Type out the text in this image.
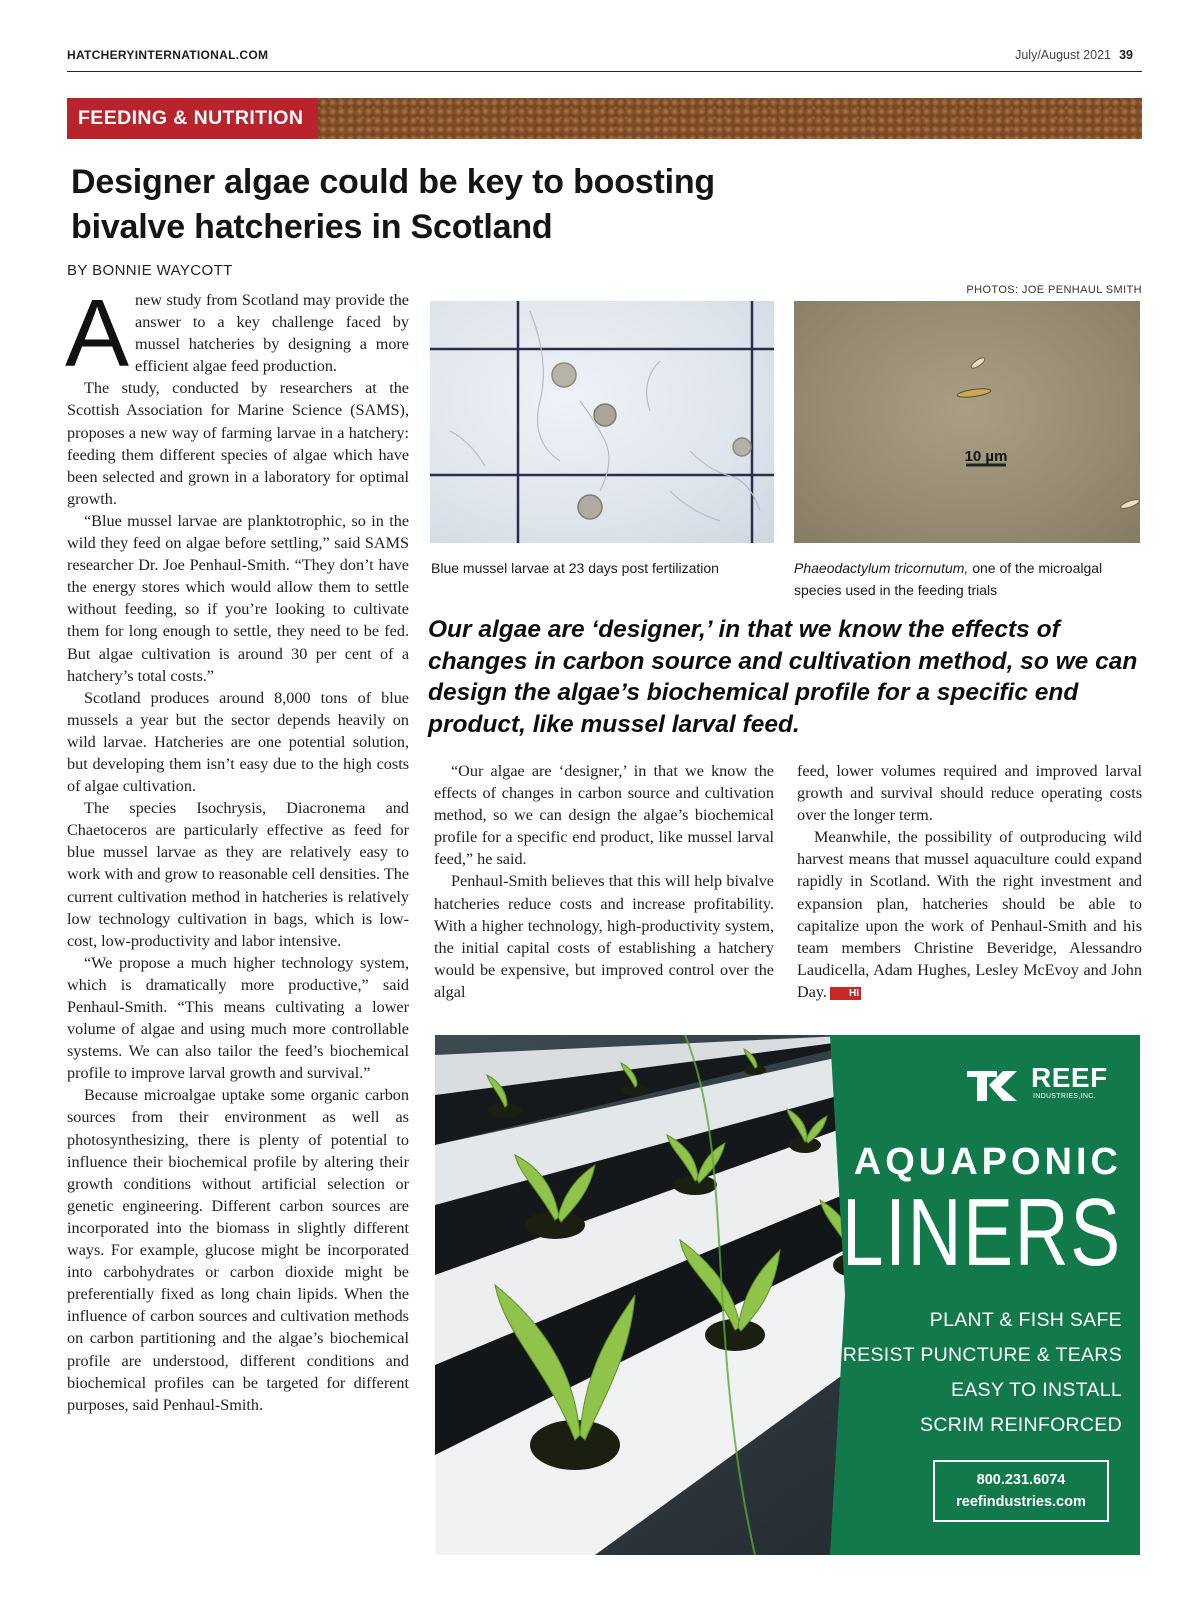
HATCHERYINTERNATIONAL.COM	July/August 2021 39
FEEDING & NUTRITION
Designer algae could be key to boosting
bivalve hatcheries in Scotland
BY BONNIE WAYCOTT
PHOTOS: JOE PENHAUL SMITH

Anew study from Scotland may provide the answer to a key challenge faced by mussel hatcheries by designing a more efficient algae feed production.

The study, conducted by researchers at the Scottish Association for Marine Science (SAMS), proposes a new way of farming larvae in a hatchery: feeding them different species of algae which have been selected and grown in a laboratory for optimal growth.

“Blue mussel larvae are planktotrophic, so in the wild they feed on algae before settling,” said SAMS researcher Dr. Joe Penhaul-Smith. “They don’t have the energy stores which would allow them to settle without feeding, so if you’re looking to cultivate them for long enough to settle, they need to be fed. But algae cultivation is around 30 per cent of a hatchery’s total costs.”

Scotland produces around 8,000 tons of blue mussels a year but the sector depends heavily on wild larvae. Hatcheries are one potential solution, but developing them isn’t easy due to the high costs of algae cultivation.

The species Isochrysis, Diacronema and Chaetoceros are particularly effective as feed for blue mussel larvae as they are relatively easy to work with and grow to reasonable cell densities. The current cultivation method in hatcheries is relatively low technology cultivation in bags, which is low-cost, low-productivity and labor intensive.

“We propose a much higher technology system, which is dramatically more productive,” said Penhaul-Smith. “This means cultivating a lower volume of algae and using much more controllable systems. We can also tailor the feed’s biochemical profile to improve larval growth and survival.”

Because microalgae uptake some organic carbon sources from their environment as well as photosynthesizing, there is plenty of potential to influence their biochemical profile by altering their growth conditions without artificial selection or genetic engineering. Different carbon sources are incorporated into the biomass in slightly different ways. For example, glucose might be incorporated into carbohydrates or carbon dioxide might be preferentially fixed as long chain lipids. When the influence of carbon sources and cultivation methods on carbon partitioning and the algae’s biochemical profile are understood, different conditions and biochemical profiles can be targeted for different purposes, said Penhaul-Smith.

10 µm
Blue mussel larvae at 23 days post fertilization	Phaeodactylum tricornutum, one of the microalgal species used in the feeding trials
Our algae are ‘designer,’ in that we know the effects of changes in carbon source and cultivation method, so we can design the algae’s biochemical profile for a specific end product, like mussel larval feed.

“Our algae are ‘designer,’ in that we know the effects of changes in carbon source and cultivation method, so we can design the algae’s biochemical profile for a specific end product, like mussel larval feed,” he said.

Penhaul-Smith believes that this will help bivalve hatcheries reduce costs and increase profitability. With a higher technology, high-productivity system, the initial capital costs of establishing a hatchery would be expensive, but improved control over the algal

feed, lower volumes required and improved larval growth and survival should reduce operating costs over the longer term.

Meanwhile, the possibility of outproducing wild harvest means that mussel aquaculture could expand rapidly in Scotland. With the right investment and expansion plan, hatcheries should be able to capitalize upon the work of Penhaul-Smith and his team members Christine Beveridge, Alessandro Laudicella, Adam Hughes, Lesley McEvoy and John Day. HI

REEF
INDUSTRIES,INC.
AQUAPONIC
LINERS
PLANT & FISH SAFE
RESIST PUNCTURE & TEARS
EASY TO INSTALL
SCRIM REINFORCED
800.231.6074
reefindustries.com
